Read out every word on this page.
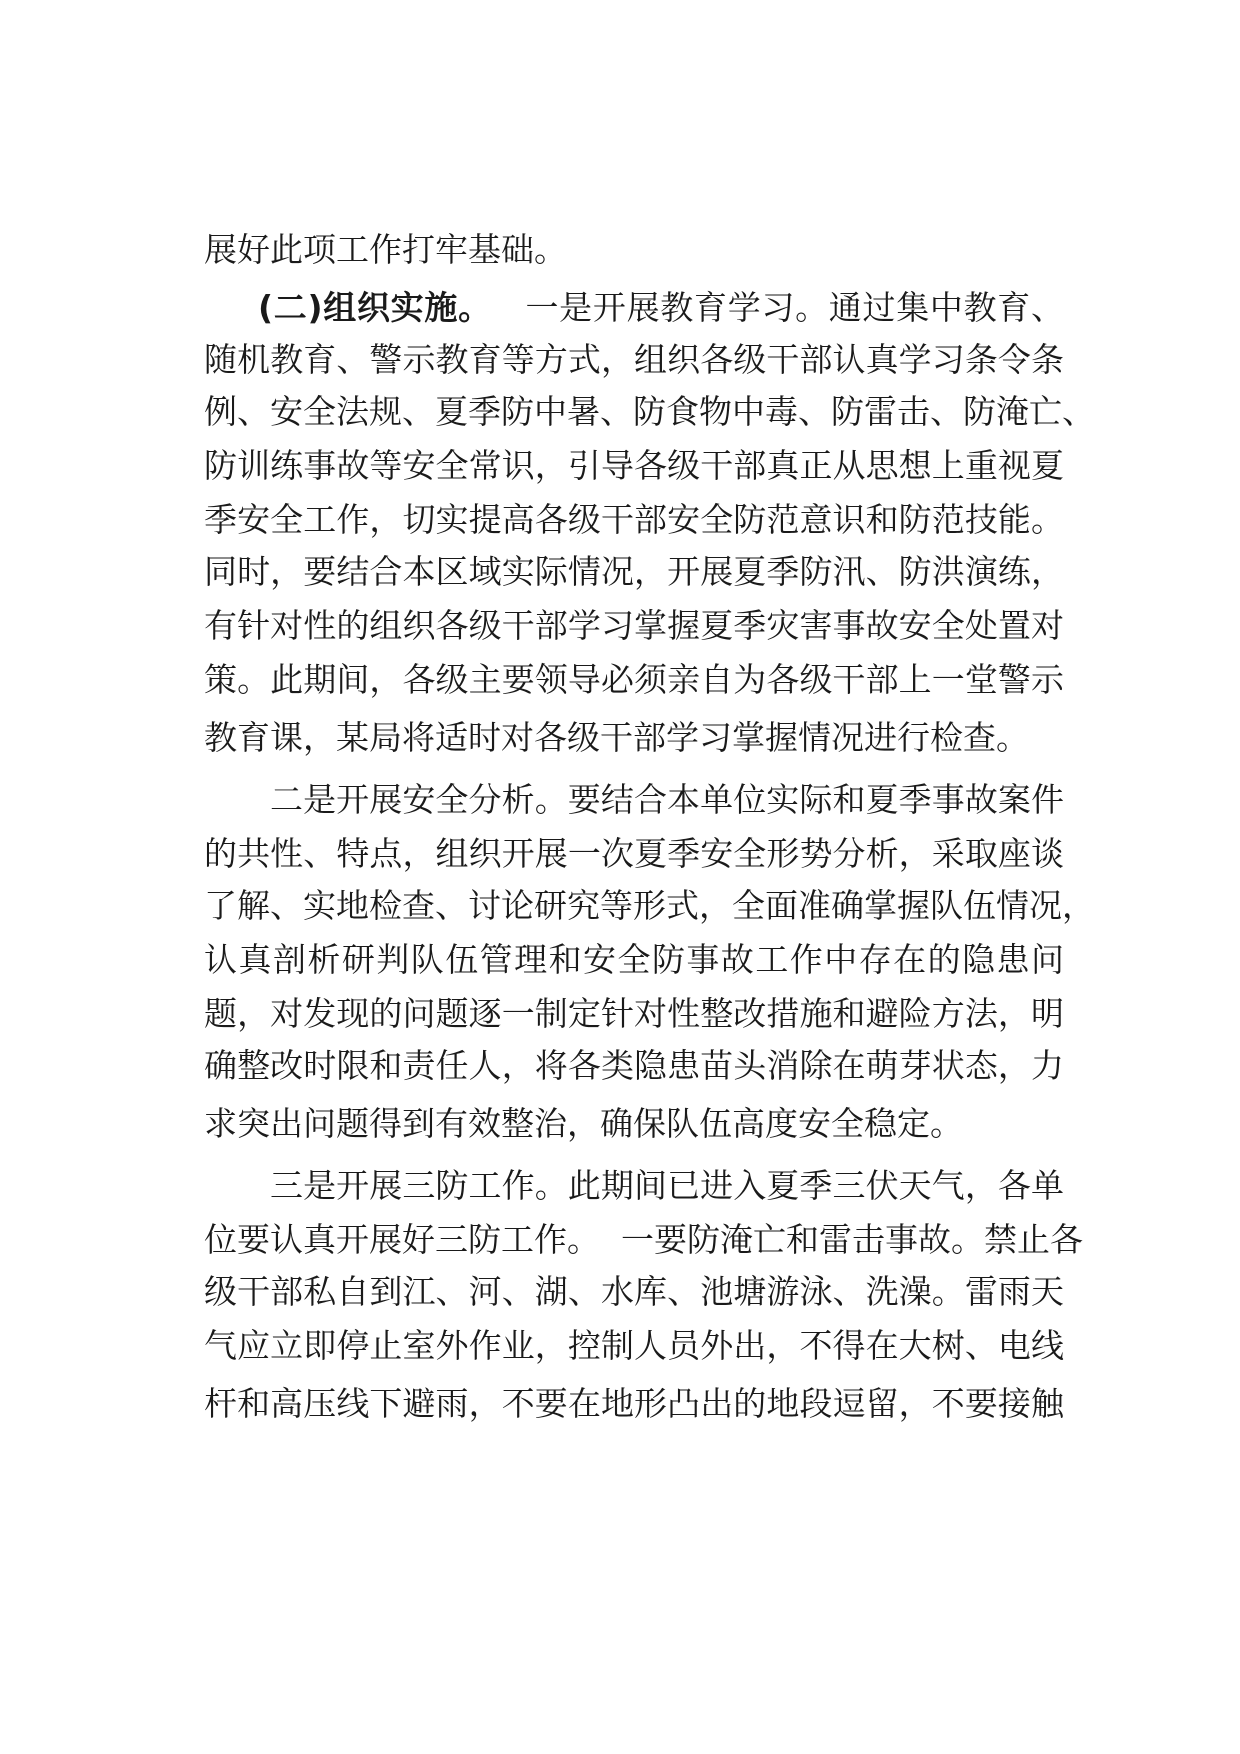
展好此项工作打牢基础。
(二)组织实施。  一是开展教育学习。通过集中教育、
随机教育、警示教育等方式，组织各级干部认真学习条令条
例、安全法规、夏季防中暑、防食物中毒、防雷击、防淹亡、
防训练事故等安全常识，引导各级干部真正从思想上重视夏
季安全工作，切实提高各级干部安全防范意识和防范技能。
同时，要结合本区域实际情况，开展夏季防汛、防洪演练，
有针对性的组织各级干部学习掌握夏季灾害事故安全处置对
策。此期间，各级主要领导必须亲自为各级干部上一堂警示
教育课，某局将适时对各级干部学习掌握情况进行检查。
二是开展安全分析。要结合本单位实际和夏季事故案件
的共性、特点，组织开展一次夏季安全形势分析，采取座谈
了解、实地检查、讨论研究等形式，全面准确掌握队伍情况，
认真剖析研判队伍管理和安全防事故工作中存在的隐患问
题，对发现的问题逐一制定针对性整改措施和避险方法，明
确整改时限和责任人，将各类隐患苗头消除在萌芽状态，力
求突出问题得到有效整治，确保队伍高度安全稳定。
三是开展三防工作。此期间已进入夏季三伏天气，各单
位要认真开展好三防工作。  一要防淹亡和雷击事故。禁止各
级干部私自到江、河、湖、水库、池塘游泳、洗澡。雷雨天
气应立即停止室外作业，控制人员外出，不得在大树、电线
杆和高压线下避雨，不要在地形凸出的地段逗留，不要接触
